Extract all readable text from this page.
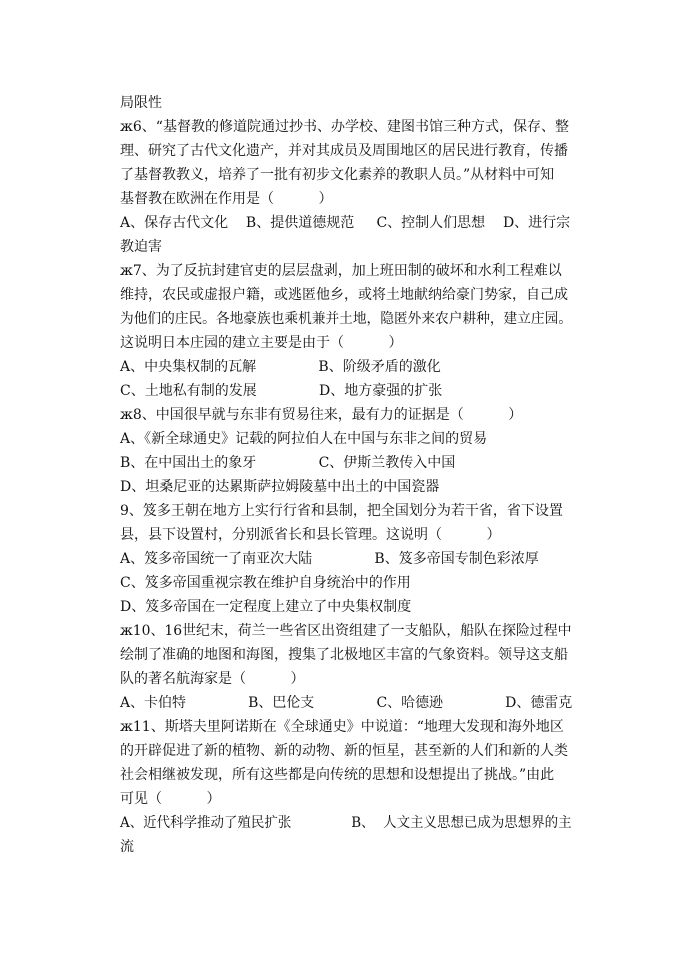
局限性
ж6、“基督教的修道院通过抄书、办学校、建图书馆三种方式，保存、整
理、研究了古代文化遗产，并对其成员及周围地区的居民进行教育，传播
了基督教教义，培养了一批有初步文化素养的教职人员。”从材料中可知
基督教在欧洲在作用是（          ）
A、保存古代文化    B、提供道德规范     C、控制人们思想    D、进行宗
教迫害
ж7、为了反抗封建官吏的层层盘剥，加上班田制的破坏和水利工程难以
维持，农民或虚报户籍，或逃匿他乡，或将土地献纳给豪门势家，自己成
为他们的庄民。各地豪族也乘机兼并土地，隐匿外来农户耕种，建立庄园。
这说明日本庄园的建立主要是由于（          ）
A、中央集权制的瓦解              B、阶级矛盾的激化
C、土地私有制的发展              D、地方豪强的扩张
ж8、中国很早就与东非有贸易往来，最有力的证据是（          ）
A、《新全球通史》记载的阿拉伯人在中国与东非之间的贸易
B、在中国出土的象牙              C、伊斯兰教传入中国
D、坦桑尼亚的达累斯萨拉姆陵墓中出土的中国瓷器
9、笈多王朝在地方上实行行省和县制，把全国划分为若干省，省下设置
县，县下设置村，分别派省长和县长管理。这说明（          ）
A、笈多帝国统一了南亚次大陆              B、笈多帝国专制色彩浓厚
C、笈多帝国重视宗教在维护自身统治中的作用
D、笈多帝国在一定程度上建立了中央集权制度
ж10、16世纪末，荷兰一些省区出资组建了一支船队，船队在探险过程中
绘制了准确的地图和海图，搜集了北极地区丰富的气象资料。领导这支船
队的著名航海家是（          ）
A、卡伯特              B、巴伦支              C、哈德逊              D、德雷克
ж11、斯塔夫里阿诺斯在《全球通史》中说道：“地理大发现和海外地区
的开辟促进了新的植物、新的动物、新的恒星，甚至新的人们和新的人类
社会相继被发现，所有这些都是向传统的思想和设想提出了挑战。”由此
可见（          ）
A、近代科学推动了殖民扩张              B、  人文主义思想已成为思想界的主
流
